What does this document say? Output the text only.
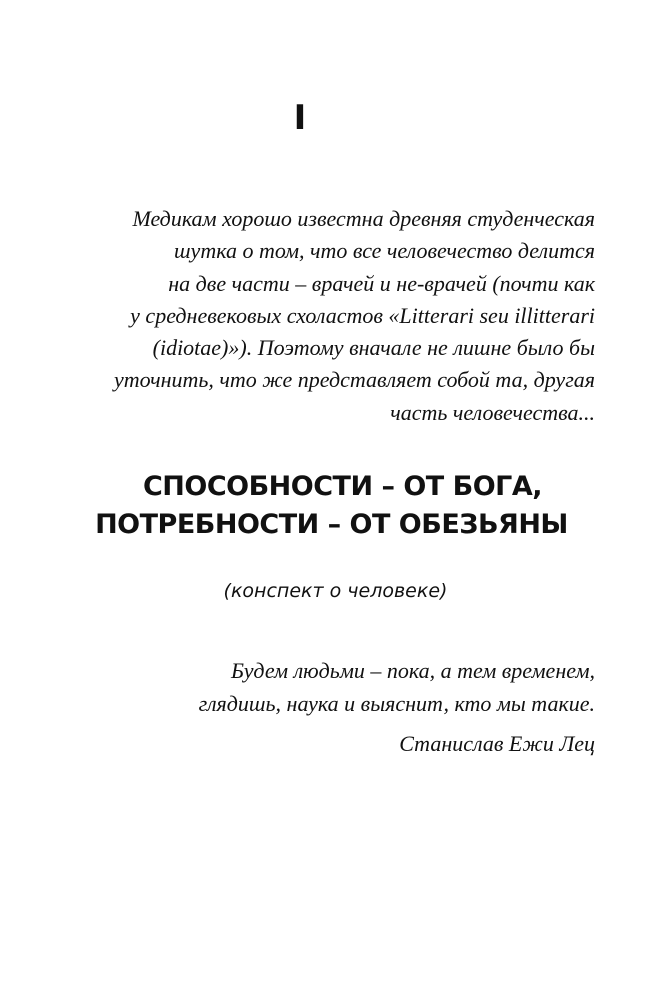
I
Медикам хорошо известна древняя студенческая
шутка о том, что все человечество делится
на две части – врачей и не-врачей (почти как
у средневековых схоластов «Litterari seu illitterari
(idiotae)»). Поэтому вначале не лишне было бы
уточнить, что же представляет собой та, другая
часть человечества...
СПОСОБНОСТИ – ОТ БОГА,
ПОТРЕБНОСТИ – ОТ ОБЕЗЬЯНЫ
(конспект о человеке)
Будем людьми – пока, а тем временем,
глядишь, наука и выяснит, кто мы такие.
Станислав Ежи Лец
